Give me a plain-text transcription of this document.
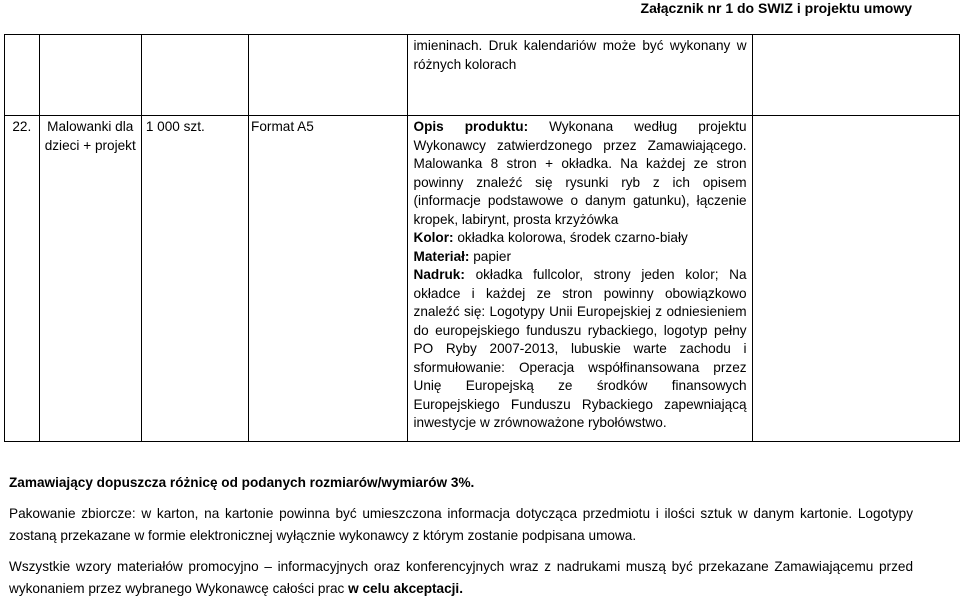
Załącznik nr 1 do SWIZ i projektu umowy

				imieninach. Druk kalendariów może być wykonany w różnych kolorach	

22.	Malowanki dla dzieci + projekt	1 000 szt.	Format A5	Opis produktu: Wykonana według projektu Wykonawcy zatwierdzonego przez Zamawiającego. Malowanka 8 stron + okładka. Na każdej ze stron powinny znaleźć się rysunki ryb z ich opisem (informacje podstawowe o danym gatunku), łączenie kropek, labirynt, prosta krzyżówka

Kolor: okładka kolorowa, środek czarno-biały

Materiał: papier

Nadruk: okładka fullcolor, strony jeden kolor; Na okładce i każdej ze stron powinny obowiązkowo znaleźć się: Logotypy Unii Europejskiej z odniesieniem do europejskiego funduszu rybackiego, logotyp pełny PO Ryby 2007-2013, lubuskie warte zachodu i sformułowanie: Operacja współfinansowana przez Unię Europejską ze środków finansowych Europejskiego Funduszu Rybackiego zapewniającą inwestycje w zrównoważone rybołówstwo.	

Zamawiający dopuszcza różnicę od podanych rozmiarów/wymiarów 3%.

Pakowanie zbiorcze: w karton, na kartonie powinna być umieszczona informacja dotycząca przedmiotu i ilości sztuk w danym kartonie. Logotypy zostaną przekazane w formie elektronicznej wyłącznie wykonawcy z którym zostanie podpisana umowa.

Wszystkie wzory materiałów promocyjno – informacyjnych oraz konferencyjnych wraz z nadrukami muszą być przekazane Zamawiającemu przed wykonaniem przez wybranego Wykonawcę całości prac w celu akceptacji.
